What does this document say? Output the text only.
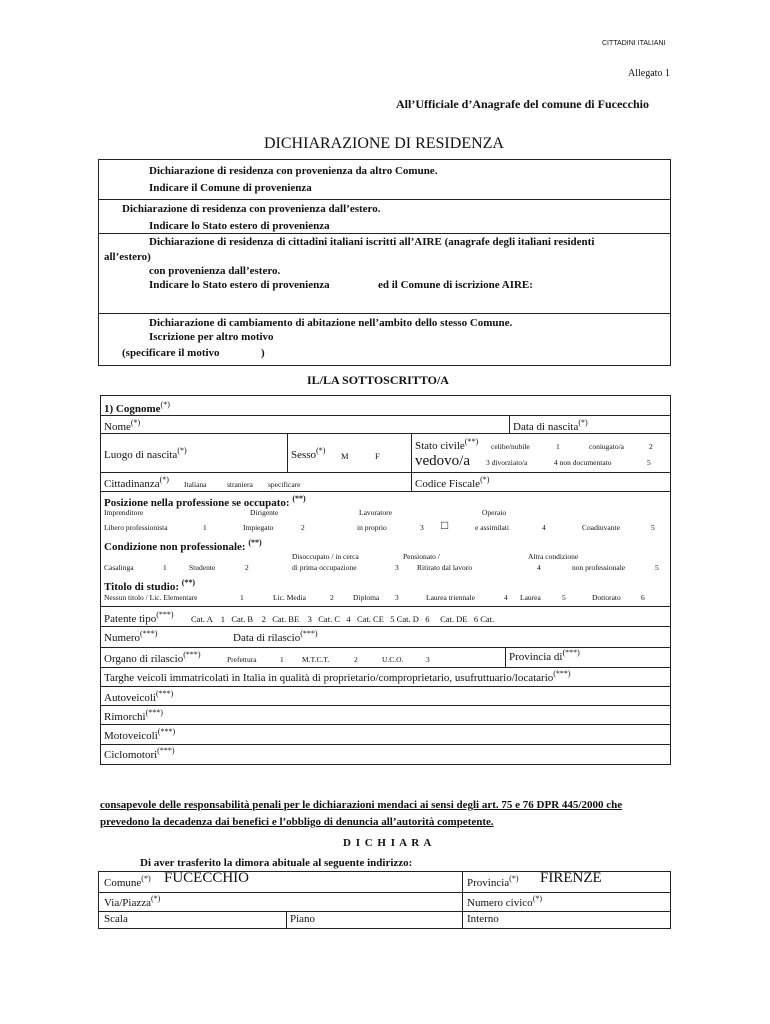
CITTADINI ITALIANI
Allegato 1
All’Ufficiale d’Anagrafe del comune di Fucecchio
DICHIARAZIONE DI RESIDENZA
Dichiarazione di residenza con provenienza da altro Comune.
Indicare il Comune di provenienza
Dichiarazione di residenza con provenienza dall’estero.
Indicare lo Stato estero di provenienza
Dichiarazione di residenza di cittadini italiani iscritti all’AIRE (anagrafe degli italiani residenti
all’estero)
con provenienza dall’estero.
Indicare lo Stato estero di provenienza	ed il Comune di iscrizione AIRE:
Dichiarazione di cambiamento di abitazione nell’ambito dello stesso Comune.
Iscrizione per altro motivo
(specificare il motivo	)
IL/LA SOTTOSCRITTO/A
1) Cognome(*)
Nome(*)	Data di nascita(*)
Luogo di nascita(*)	Sesso(*)
M	F
Stato civile(**)
celibe/nubile	1	coniugato/a	2
vedovo/a 3 divorziato/a	4 non documentato	5
Cittadinanza(*)
Italiana	straniera specificare	Codice Fiscale(*)
Posizione nella professione se occupato: (**)
Imprenditore	Dirigente	Lavoratore	Operaio
Libero professionista	1	Impiegato	2	in proprio	3 □	e assimilati	4	Coadiuvante	5
Condizione non professionale: (**)
Disoccupato / in cerca	Pensionato /	Altra condizione
Casalinga	1	Studente	2	di prima occupazione	3 Ritirato dal lavoro	4	non professionale	5
Titolo di studio: (**)
Nessun titolo / Lic. Elementare	1	Lic. Media	2	Diploma 3	Laurea triennale	4 Laurea	5	Dottorato	6
Patente tipo(***) Cat. A    1   Cat. B    2   Cat. BE    3   Cat. C   4   Cat. CE   5 Cat. D   6     Cat. DE   6 Cat.
Numero(***)	Data di rilascio(***)
Organo di rilascio(***)
Prefettura	1 M.T.C.T.	2	U.C.O.	3	Provincia di(***)
Targhe veicoli immatricolati in Italia in qualità di proprietario/comproprietario, usufruttuario/locatario(***)
Autoveicoli(***)
Rimorchi(***)
Motoveicoli(***)
Ciclomotori(***)
consapevole delle responsabilità penali per le dichiarazioni mendaci ai sensi degli art. 75 e 76 DPR 445/2000 che
prevedono la decadenza dai benefici e l’obbligo di denuncia all’autorità competente.
D I C H I A R A
Di aver trasferito la dimora abituale al seguente indirizzo:
Comune(*) FUCECCHIO	Provincia(*) FIRENZE
Via/Piazza(*)	Numero civico(*)
Scala	Piano	Interno
